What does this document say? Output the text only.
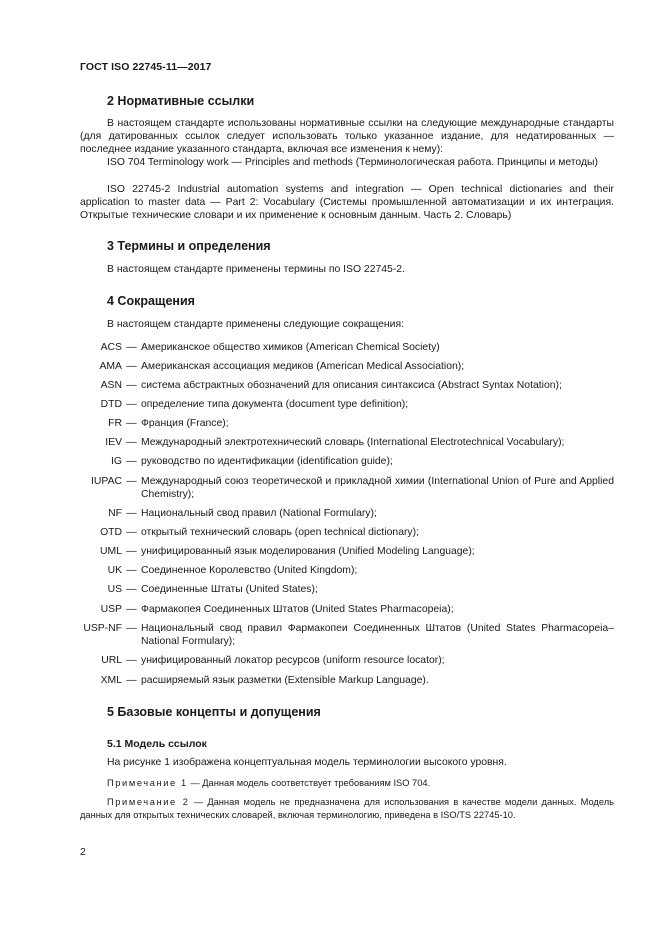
ГОСТ ISO 22745-11—2017
2 Нормативные ссылки
В настоящем стандарте использованы нормативные ссылки на следующие международные стандарты (для датированных ссылок следует использовать только указанное издание, для недатированных — последнее издание указанного стандарта, включая все изменения к нему):
ISO 704 Terminology work — Principles and methods (Терминологическая работа. Принципы и методы)
ISO 22745-2 Industrial automation systems and integration — Open technical dictionaries and their application to master data — Part 2: Vocabulary (Системы промышленной автоматизации и их интеграция. Открытые технические словари и их применение к основным данным. Часть 2. Словарь)
3 Термины и определения
В настоящем стандарте применены термины по ISO 22745-2.
4 Сокращения
В настоящем стандарте применены следующие сокращения:
ACS — Американское общество химиков (American Chemical Society)
AMA — Американская ассоциация медиков (American Medical Association);
ASN — система абстрактных обозначений для описания синтаксиса (Abstract Syntax Notation);
DTD — определение типа документа (document type definition);
FR — Франция (France);
IEV — Международный электротехнический словарь (International Electrotechnical Vocabulary);
IG — руководство по идентификации (identification guide);
IUPAC — Международный союз теоретической и прикладной химии (International Union of Pure and Applied Chemistry);
NF — Национальный свод правил (National Formulary);
OTD — открытый технический словарь (open technical dictionary);
UML — унифицированный язык моделирования (Unified Modeling Language);
UK — Соединенное Королевство (United Kingdom);
US — Соединенные Штаты (United States);
USP — Фармакопея Соединенных Штатов (United States Pharmacopeia);
USP-NF — Национальный свод правил Фармакопеи Соединенных Штатов (United States Pharmacopeia–National Formulary);
URL — унифицированный локатор ресурсов (uniform resource locator);
XML — расширяемый язык разметки (Extensible Markup Language).
5 Базовые концепты и допущения
5.1 Модель ссылок
На рисунке 1 изображена концептуальная модель терминологии высокого уровня.
Примечание 1 — Данная модель соответствует требованиям ISO 704.
Примечание 2 — Данная модель не предназначена для использования в качестве модели данных. Модель данных для открытых технических словарей, включая терминологию, приведена в ISO/TS 22745-10.
2
